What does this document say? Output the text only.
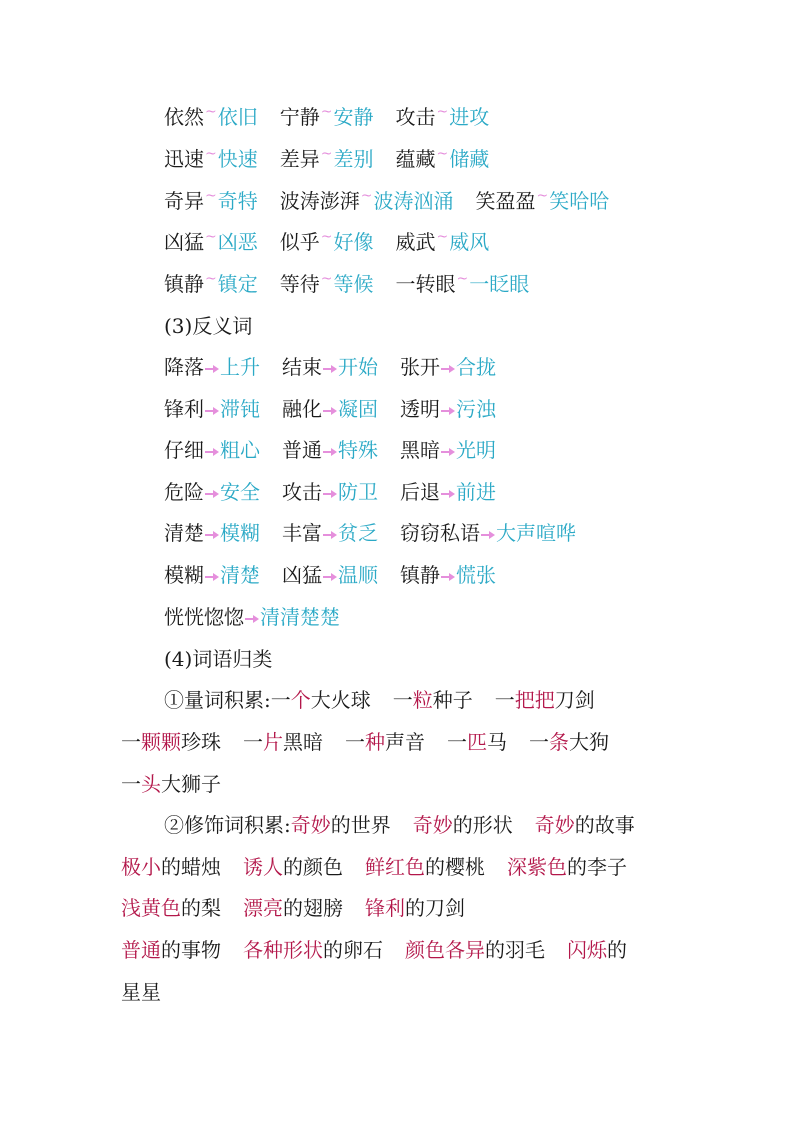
依然~依旧 宁静~安静 攻击~进攻
迅速~快速 差异~差别 蕴藏~储藏
奇异~奇特 波涛澎湃~波涛汹涌 笑盈盈~笑哈哈
凶猛~凶恶 似乎~好像 威武~威风
镇静~镇定 等待~等候 一转眼~一眨眼
(3)反义词
降落 上升 结束 开始 张开 合拢
锋利 滞钝 融化 凝固 透明 污浊
仔细 粗心 普通 特殊 黑暗 光明
危险 安全 攻击 防卫 后退 前进
清楚 模糊 丰富 贫乏 窃窃私语 大声喧哗
模糊 清楚 凶猛 温顺 镇静 慌张
恍恍惚惚 清清楚楚
(4)词语归类
①量词积累:一个大火球 一粒种子 一把把刀剑
一颗颗珍珠 一片黑暗 一种声音 一匹马 一条大狗
一头大狮子
②修饰词积累:奇妙的世界 奇妙的形状 奇妙的故事
极小的蜡烛 诱人的颜色 鲜红色的樱桃 深紫色的李子
浅黄色的梨 漂亮的翅膀 锋利的刀剑
普通的事物 各种形状的卵石 颜色各异的羽毛 闪烁的
星星
